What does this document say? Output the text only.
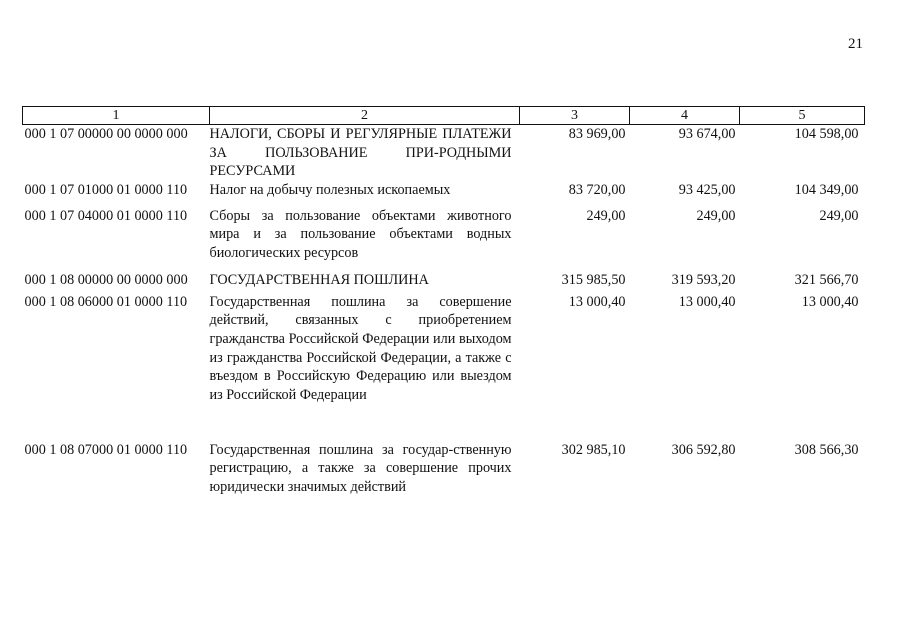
21
1	2	3	4	5
000 1 07 00000 00 0000 000	НАЛОГИ, СБОРЫ И РЕГУЛЯРНЫЕ ПЛАТЕЖИ ЗА ПОЛЬЗОВАНИЕ ПРИ-РОДНЫМИ РЕСУРСАМИ	83 969,00	93 674,00	104 598,00
000 1 07 01000 01 0000 110	Налог на добычу полезных ископаемых	83 720,00	93 425,00	104 349,00
000 1 07 04000 01 0000 110	Сборы за пользование объектами животного мира и за пользование объектами водных биологических ресурсов	249,00	249,00	249,00
000 1 08 00000 00 0000 000	ГОСУДАРСТВЕННАЯ ПОШЛИНА	315 985,50	319 593,20	321 566,70
000 1 08 06000 01 0000 110	Государственная пошлина за совершение действий, связанных с приобретением гражданства Российской Федерации или выходом из гражданства Российской Федерации, а также с въездом в Российскую Федерацию или выездом из Российской Федерации	13 000,40	13 000,40	13 000,40
000 1 08 07000 01 0000 110	Государственная пошлина за государ-ственную регистрацию, а также за совершение прочих юридически значимых действий	302 985,10	306 592,80	308 566,30
